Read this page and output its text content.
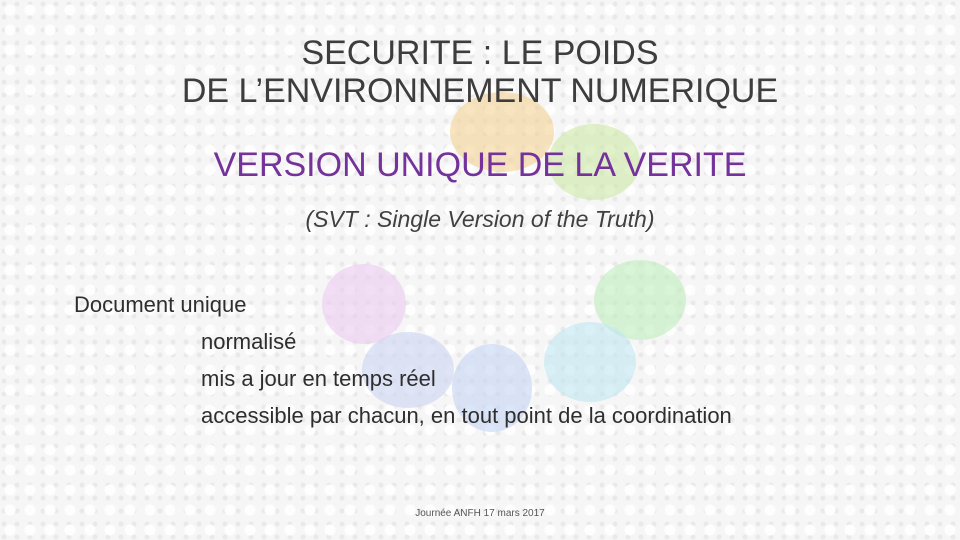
SECURITE : LE POIDS
DE L’ENVIRONNEMENT NUMERIQUE
VERSION UNIQUE DE LA VERITE
(SVT : Single Version of the Truth)
Document unique
normalisé
mis a jour en temps réel
accessible par chacun, en tout point de la coordination
Journée ANFH 17 mars 2017
